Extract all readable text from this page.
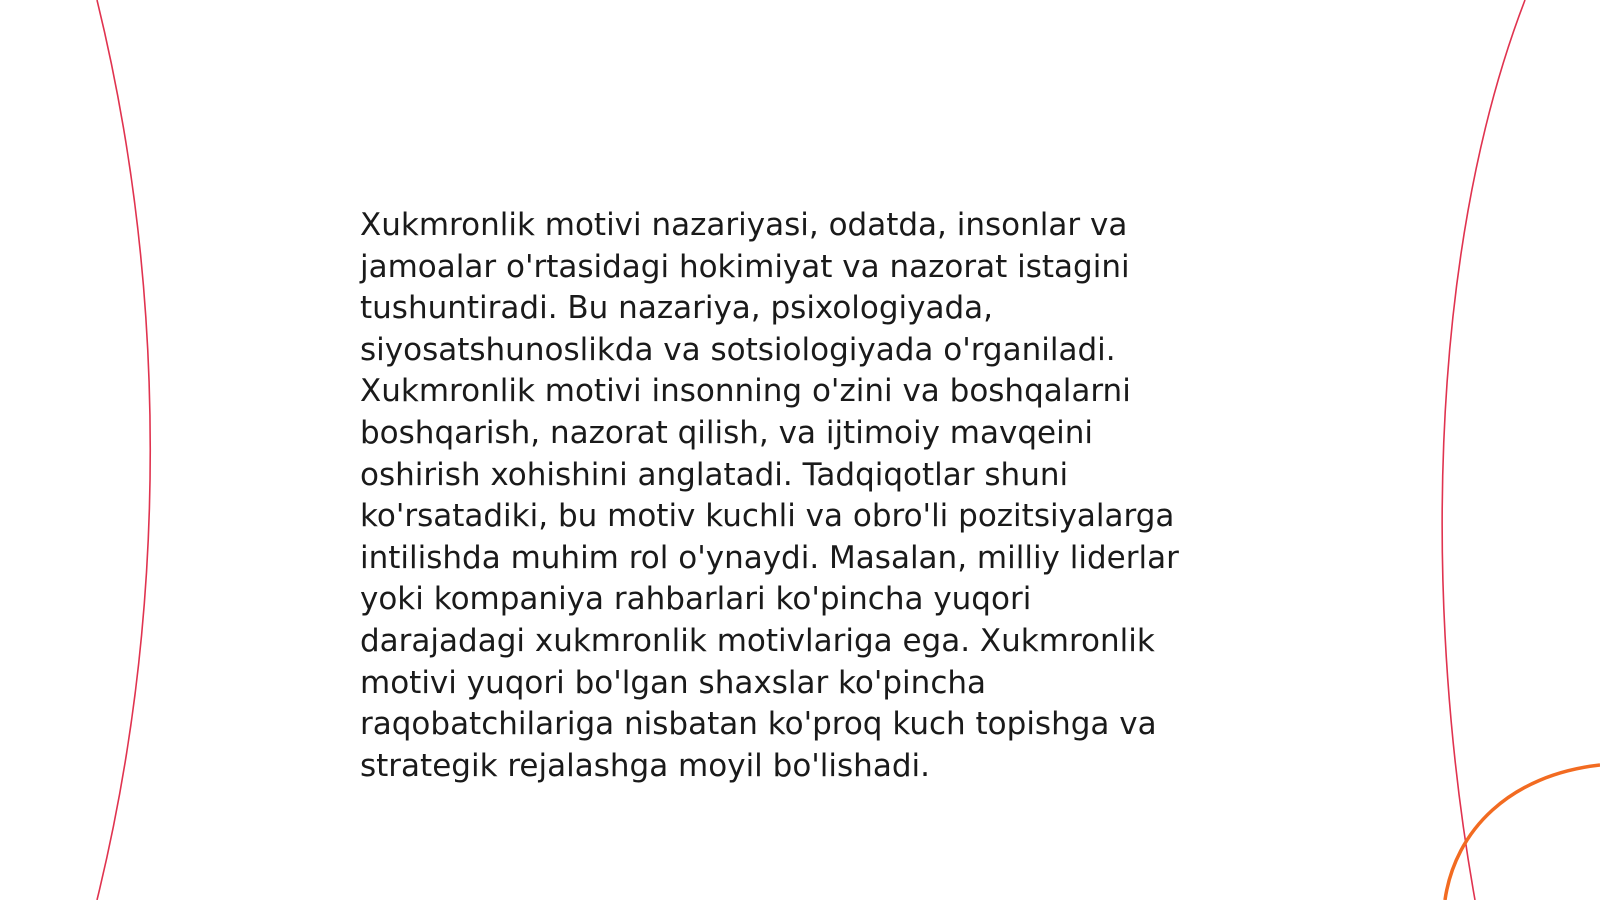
Xukmronlik motivi nazariyasi, odatda, insonlar va
jamoalar o'rtasidagi hokimiyat va nazorat istagini
tushuntiradi. Bu nazariya, psixologiyada,
siyosatshunoslikda va sotsiologiyada o'rganiladi.
Xukmronlik motivi insonning o'zini va boshqalarni
boshqarish, nazorat qilish, va ijtimoiy mavqeini
oshirish xohishini anglatadi. Tadqiqotlar shuni
ko'rsatadiki, bu motiv kuchli va obro'li pozitsiyalarga
intilishda muhim rol o'ynaydi. Masalan, milliy liderlar
yoki kompaniya rahbarlari ko'pincha yuqori
darajadagi xukmronlik motivlariga ega. Xukmronlik
motivi yuqori bo'lgan shaxslar ko'pincha
raqobatchilariga nisbatan ko'proq kuch topishga va
strategik rejalashga moyil bo'lishadi.
